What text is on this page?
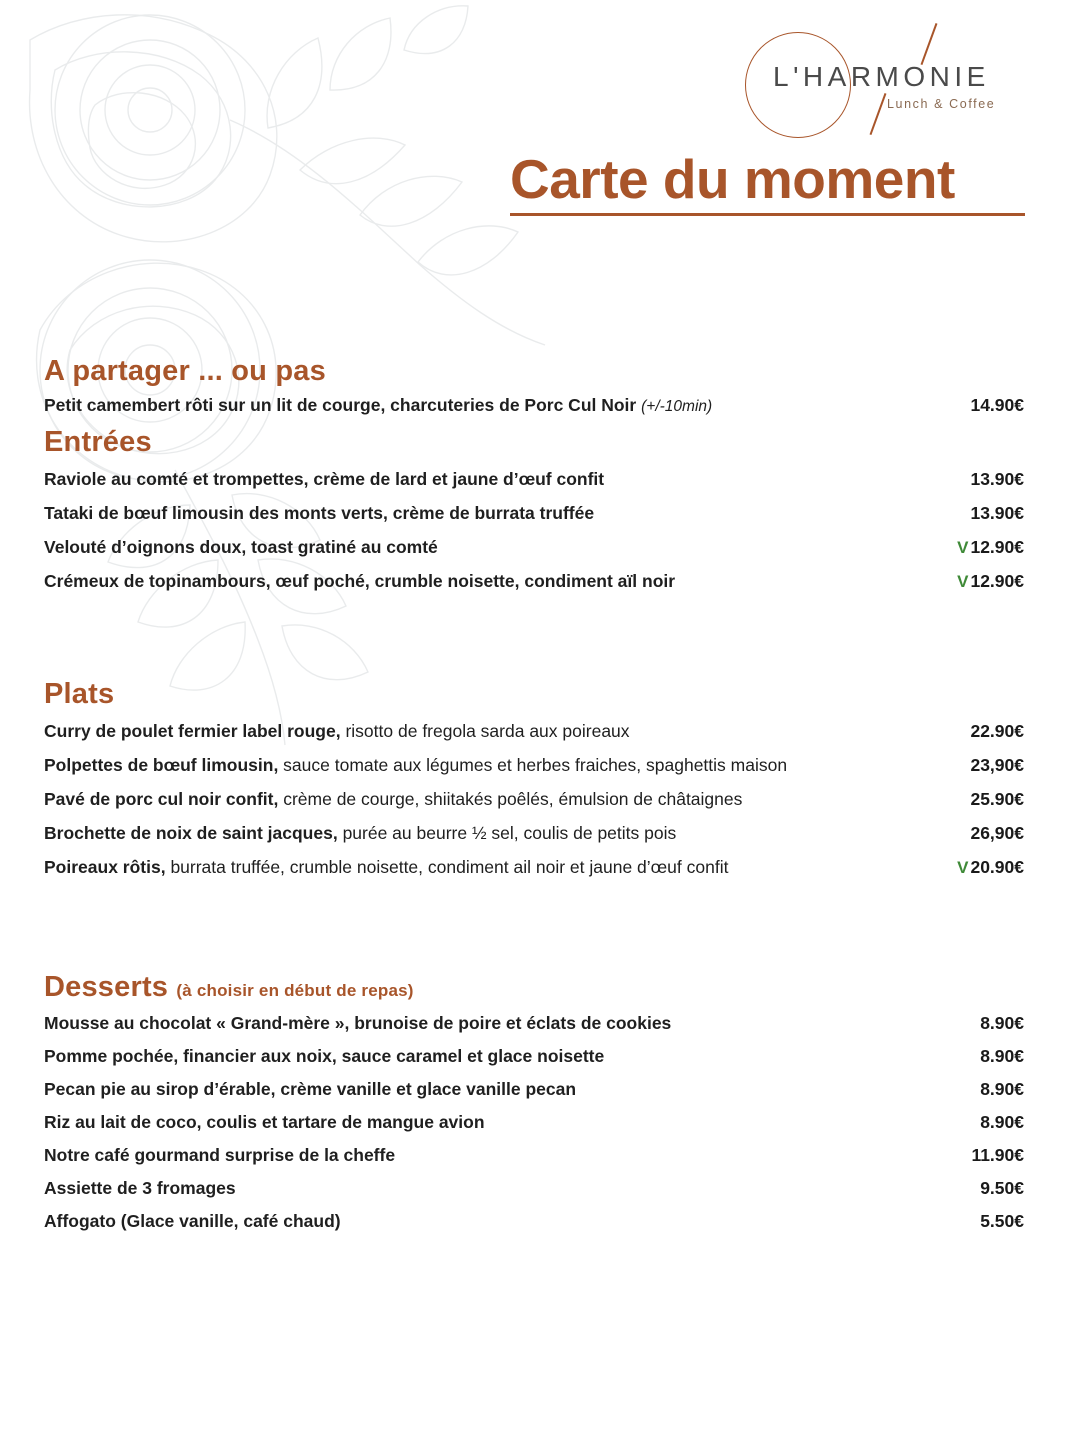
L'HARMONIE
Lunch & Coffee
Carte du moment
A partager ... ou pas
Petit camembert rôti sur un lit de courge, charcuteries de Porc Cul Noir (+/-10min)	14.90€
Entrées
Raviole au comté et trompettes, crème de lard et jaune d’œuf confit	13.90€
Tataki de bœuf limousin des monts verts, crème de burrata truffée	13.90€
Velouté d’oignons doux, toast gratiné au comté	V 12.90€
Crémeux de topinambours, œuf poché, crumble noisette, condiment aïl noir	V 12.90€
Plats
Curry de poulet fermier label rouge, risotto de fregola sarda aux poireaux	22.90€
Polpettes de bœuf limousin, sauce tomate aux légumes et herbes fraiches, spaghettis maison	23,90€
Pavé de porc cul noir confit, crème de courge, shiitakés poêlés, émulsion de châtaignes	25.90€
Brochette de noix de saint jacques, purée au beurre ½ sel, coulis de petits pois	26,90€
Poireaux rôtis, burrata truffée, crumble noisette, condiment ail noir et jaune d’œuf confit	V 20.90€
Desserts (à choisir en début de repas)
Mousse au chocolat « Grand-mère », brunoise de poire et éclats de cookies	8.90€
Pomme pochée, financier aux noix, sauce caramel et glace noisette	8.90€
Pecan pie au sirop d’érable, crème vanille et glace vanille pecan	8.90€
Riz au lait de coco, coulis et tartare de mangue avion	8.90€
Notre café gourmand surprise de la cheffe	11.90€
Assiette de 3 fromages	9.50€
Affogato (Glace vanille, café chaud)	5.50€
